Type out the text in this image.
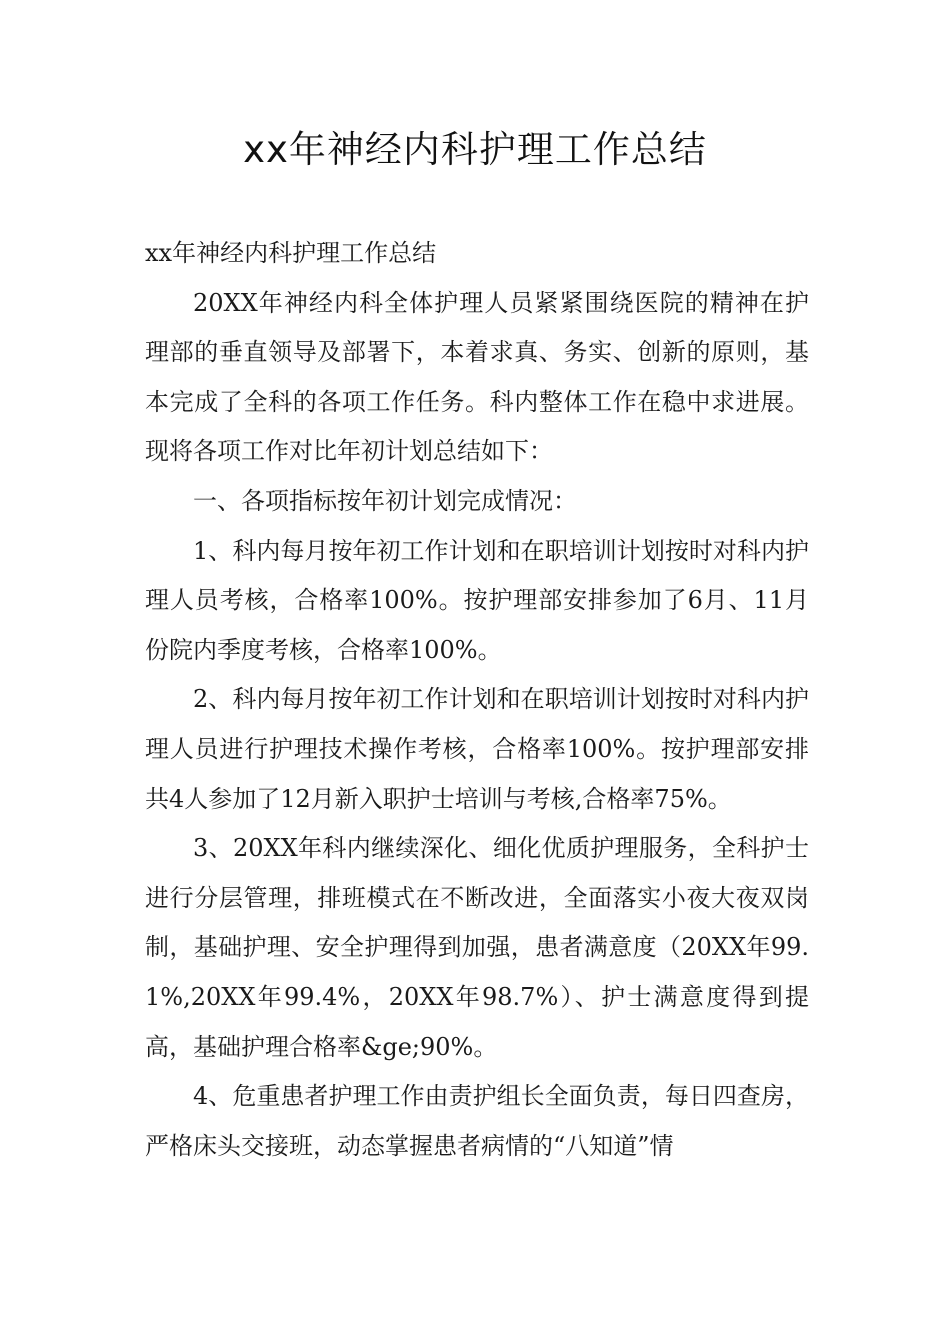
xx年神经内科护理工作总结

xx年神经内科护理工作总结

20XX年神经内科全体护理人员紧紧围绕医院的精神在护理部的垂直领导及部署下，本着求真、务实、创新的原则，基本完成了全科的各项工作任务。科内整体工作在稳中求进展。现将各项工作对比年初计划总结如下：

一、各项指标按年初计划完成情况：

1、科内每月按年初工作计划和在职培训计划按时对科内护理人员考核，合格率100%。按护理部安排参加了6月、11月份院内季度考核，合格率100%。

2、科内每月按年初工作计划和在职培训计划按时对科内护理人员进行护理技术操作考核，合格率100%。按护理部安排共4人参加了12月新入职护士培训与考核,合格率75%。

3、20XX年科内继续深化、细化优质护理服务，全科护士进行分层管理，排班模式在不断改进，全面落实小夜大夜双岗制，基础护理、安全护理得到加强，患者满意度（20XX年99.1%,20XX年99.4%，20XX年98.7%）、护士满意度得到提高，基础护理合格率&ge;90%。

4、危重患者护理工作由责护组长全面负责，每日四查房，严格床头交接班，动态掌握患者病情的“八知道”情
